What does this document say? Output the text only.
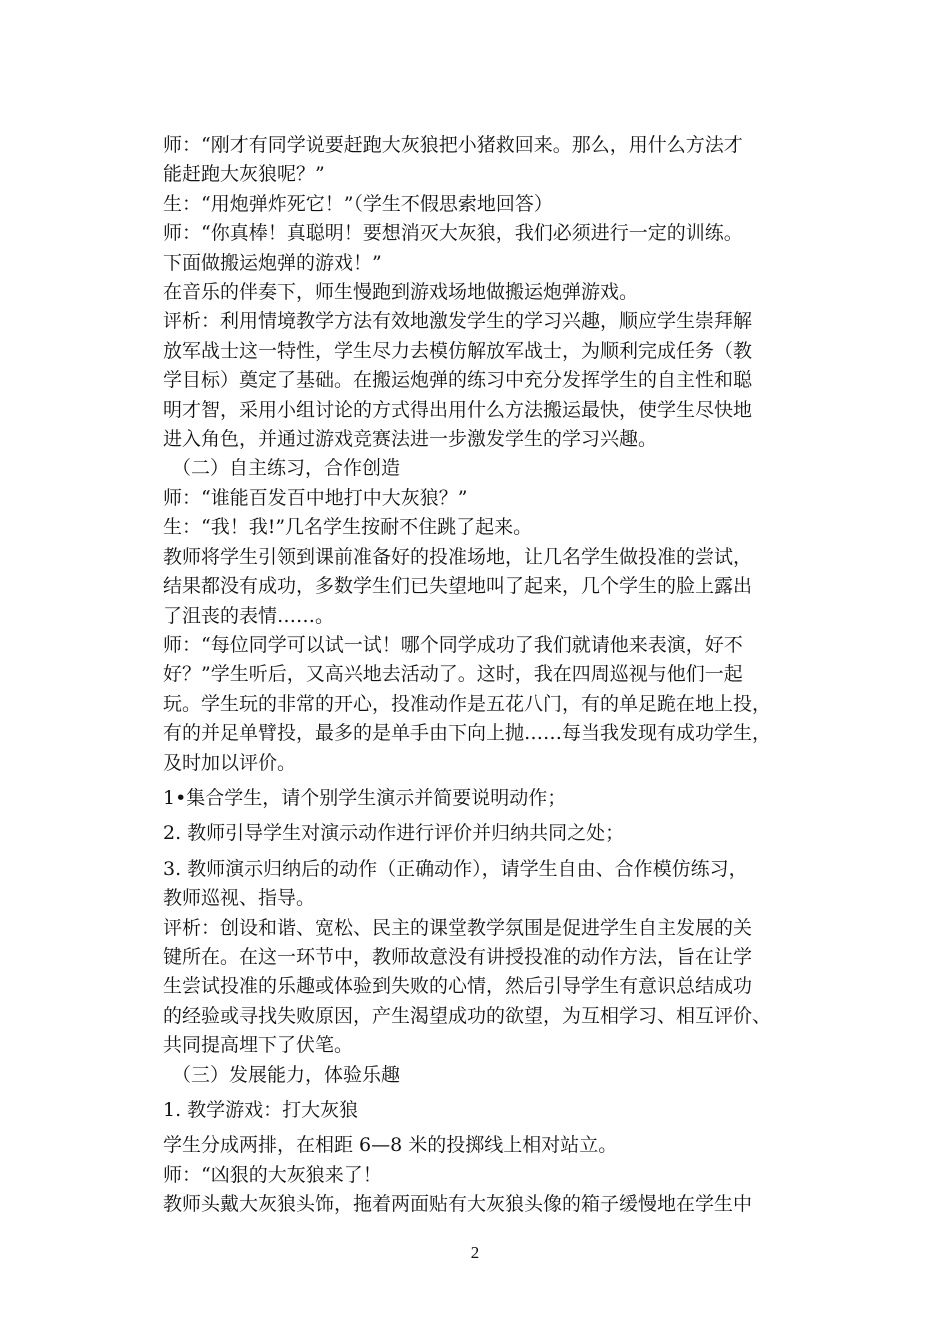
师：“刚才有同学说要赶跑大灰狼把小猪救回来。那么，用什么方法才
能赶跑大灰狼呢？”
生：“用炮弹炸死它！”（学生不假思索地回答）
师：“你真棒！真聪明！要想消灭大灰狼，我们必须进行一定的训练。
下面做搬运炮弹的游戏！”
在音乐的伴奏下，师生慢跑到游戏场地做搬运炮弹游戏。
评析：利用情境教学方法有效地激发学生的学习兴趣，顺应学生崇拜解
放军战士这一特性，学生尽力去模仿解放军战士，为顺利完成任务（教
学目标）奠定了基础。在搬运炮弹的练习中充分发挥学生的自主性和聪
明才智，采用小组讨论的方式得出用什么方法搬运最快，使学生尽快地
进入角色，并通过游戏竞赛法进一步激发学生的学习兴趣。
（二）自主练习，合作创造
师：“谁能百发百中地打中大灰狼？”
生：“我！我!”几名学生按耐不住跳了起来。
教师将学生引领到课前准备好的投准场地，让几名学生做投准的尝试，
结果都没有成功，多数学生们已失望地叫了起来，几个学生的脸上露出
了沮丧的表情……。
师：“每位同学可以试一试！哪个同学成功了我们就请他来表演，好不
好？”学生听后，又高兴地去活动了。这时，我在四周巡视与他们一起
玩。学生玩的非常的开心，投准动作是五花八门，有的单足跪在地上投，
有的并足单臂投，最多的是单手由下向上抛……每当我发现有成功学生，
及时加以评价。
1•集合学生，请个别学生演示并简要说明动作；
2. 教师引导学生对演示动作进行评价并归纳共同之处；
3. 教师演示归纳后的动作（正确动作），请学生自由、合作模仿练习，
教师巡视、指导。
评析：创设和谐、宽松、民主的课堂教学氛围是促进学生自主发展的关
键所在。在这一环节中，教师故意没有讲授投准的动作方法，旨在让学
生尝试投准的乐趣或体验到失败的心情，然后引导学生有意识总结成功
的经验或寻找失败原因，产生渴望成功的欲望，为互相学习、相互评价、
共同提高埋下了伏笔。
（三）发展能力，体验乐趣
1. 教学游戏：打大灰狼
学生分成两排，在相距 6—8 米的投掷线上相对站立。
师：“凶狠的大灰狼来了！
教师头戴大灰狼头饰，拖着两面贴有大灰狼头像的箱子缓慢地在学生中
2
